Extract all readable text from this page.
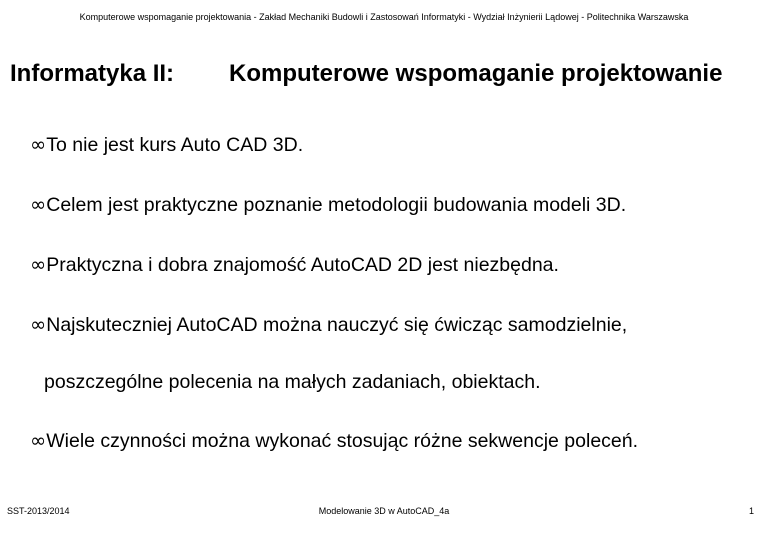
Komputerowe wspomaganie projektowania - Zakład Mechaniki Budowli i Zastosowań Informatyki - Wydział Inżynierii Lądowej - Politechnika Warszawska
Informatyka II: Komputerowe wspomaganie projektowanie
∞To nie jest kurs Auto CAD 3D.
∞Celem jest praktyczne poznanie metodologii budowania modeli 3D.
∞Praktyczna i dobra znajomość AutoCAD 2D jest niezbędna.
∞Najskuteczniej AutoCAD można nauczyć się ćwicząc samodzielnie,
poszczególne polecenia na małych zadaniach, obiektach.
∞Wiele czynności można wykonać stosując różne sekwencje poleceń.
Modelowanie 3D w AutoCAD_4a
SST-2013/2014	1
